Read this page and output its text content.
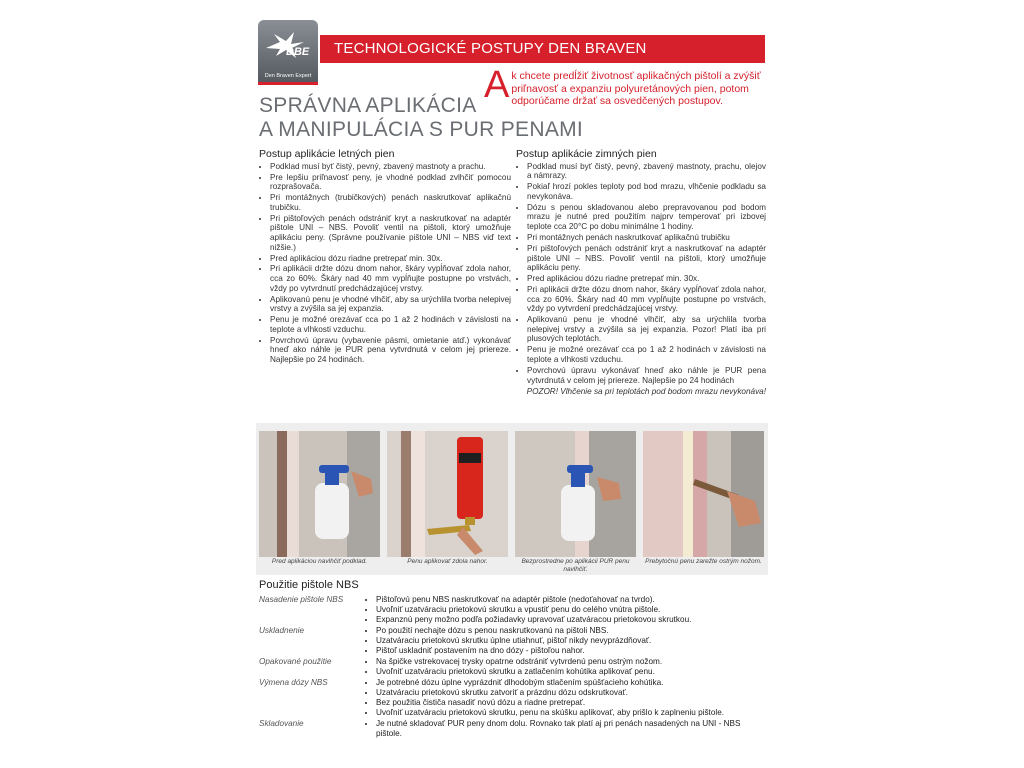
DBE
Den Braven Expert
TECHNOLOGICKÉ POSTUPY DEN BRAVEN
A k chcete predĺžiť životnosť aplikačných pištolí a zvýšiť priľnavosť a expanziu polyuretánových pien, potom odporúčame držať sa osvedčených postupov.
SPRÁVNA APLIKÁCIA
A MANIPULÁCIA S PUR PENAMI
Postup aplikácie letných pien
• Podklad musí byť čistý, pevný, zbavený mastnoty a prachu.
• Pre lepšiu priľnavosť peny, je vhodné podklad zvlhčiť pomocou rozprašovača.
• Pri montážnych (trubičkových) penách naskrutkovať aplikačnú trubičku.
• Pri pištoľových penách odstrániť kryt a naskrutkovať na adaptér pištole UNI – NBS. Povoliť ventil na pištoli, ktorý umožňuje aplikáciu peny. (Správne používanie pištole UNI – NBS viď text nižšie.)
• Pred aplikáciou dózu riadne pretrepať min. 30x.
• Pri aplikácii držte dózu dnom nahor, škáry vypĺňovať zdola nahor, cca zo 60%. Škáry nad 40 mm vypĺňujte postupne po vrstvách, vždy po vytvrdnutí predchádzajúcej vrstvy.
• Aplikovanú penu je vhodné vlhčiť, aby sa urýchlila tvorba nelepivej vrstvy a zvýšila sa jej expanzia.
• Penu je možné orezávať cca po 1 až 2 hodinách v závislosti na teplote a vlhkosti vzduchu.
• Povrchovú úpravu (vybavenie pásmi, omietanie atď.) vykonávať hneď ako náhle je PUR pena vytvrdnutá v celom jej priereze. Najlepšie po 24 hodinách.
Postup aplikácie zimných pien
• Podklad musí byť čistý, pevný, zbavený mastnoty, prachu, olejov a námrazy.
• Pokiaľ hrozí pokles teploty pod bod mrazu, vlhčenie podkladu sa nevykonáva.
• Dózu s penou skladovanou alebo prepravovanou pod bodom mrazu je nutné pred použitím najprv temperovať pri izbovej teplote cca 20°C po dobu minimálne 1 hodiny.
• Pri montážnych penách naskrutkovať aplikačnú trubičku
• Pri pištoľových penách odstrániť kryt a naskrutkovať na adaptér pištole UNI – NBS. Povoliť ventil na pištoli, ktorý umožňuje aplikáciu peny.
• Pred aplikáciou dózu riadne pretrepať min. 30x.
• Pri aplikácii držte dózu dnom nahor, škáry vypĺňovať zdola nahor, cca zo 60%. Škáry nad 40 mm vypĺňujte postupne po vrstvách, vždy po vytvrdení predchádzajúcej vrstvy.
• Aplikovanú penu je vhodné vlhčiť, aby sa urýchlila tvorba nelepivej vrstvy a zvýšila sa jej expanzia. Pozor! Platí iba pri plusových teplotách.
• Penu je možné orezávať cca po 1 až 2 hodinách v závislosti na teplote a vlhkosti vzduchu.
• Povrchovú úpravu vykonávať hneď ako náhle je PUR pena vytvrdnutá v celom jej priereze. Najlepšie po 24 hodinách
POZOR! Vlhčenie sa pri teplotách pod bodom mrazu nevykonáva!
Pred aplikáciou navlhčiť podklad.	Penu aplikovať zdola nahor.	Bezprostredne po aplikácii PUR penu navlhčiť.
Prebytočnú penu zarežte ostrým nožom.
Použitie pištole NBS
Nasadenie pištole NBS	• Pištoľovú penu NBS naskrutkovať na adaptér pištole (nedoťahovať na tvrdo).
• Uvoľniť uzatváraciu prietokovú skrutku a vpustiť penu do celého vnútra pištole.
• Expanznú peny možno podľa požiadavky upravovať uzatváracou prietokovou skrutkou.
Uskladnenie	• Po použití nechajte dózu s penou naskrutkovanú na pištoli NBS.
• Uzatváraciu prietokovú skrutku úplne utiahnuť, pištoľ nikdy nevyprázdňovať.
• Pištoľ uskladniť postavením na dno dózy - pištoľou nahor.
Opakované použitie	• Na špičke vstrekovacej trysky opatrne odstrániť vytvrdenú penu ostrým nožom.
• Uvoľniť uzatváraciu prietokovú skrutku a zatlačením kohútika aplikovať penu.
Výmena dózy NBS	• Je potrebné dózu úplne vyprázdniť dlhodobým stlačením spúšťacieho kohútika.
• Uzatváraciu prietokovú skrutku zatvoriť a prázdnu dózu odskrutkovať.
• Bez použitia čističa nasadiť novú dózu a riadne pretrepať.
• Uvoľniť uzatváraciu prietokovú skrutku, penu na skúšku aplikovať, aby prišlo k zaplneniu pištole.
Skladovanie	• Je nutné skladovať PUR peny dnom dolu. Rovnako tak platí aj pri penách nasadených na UNI - NBS pištole.
